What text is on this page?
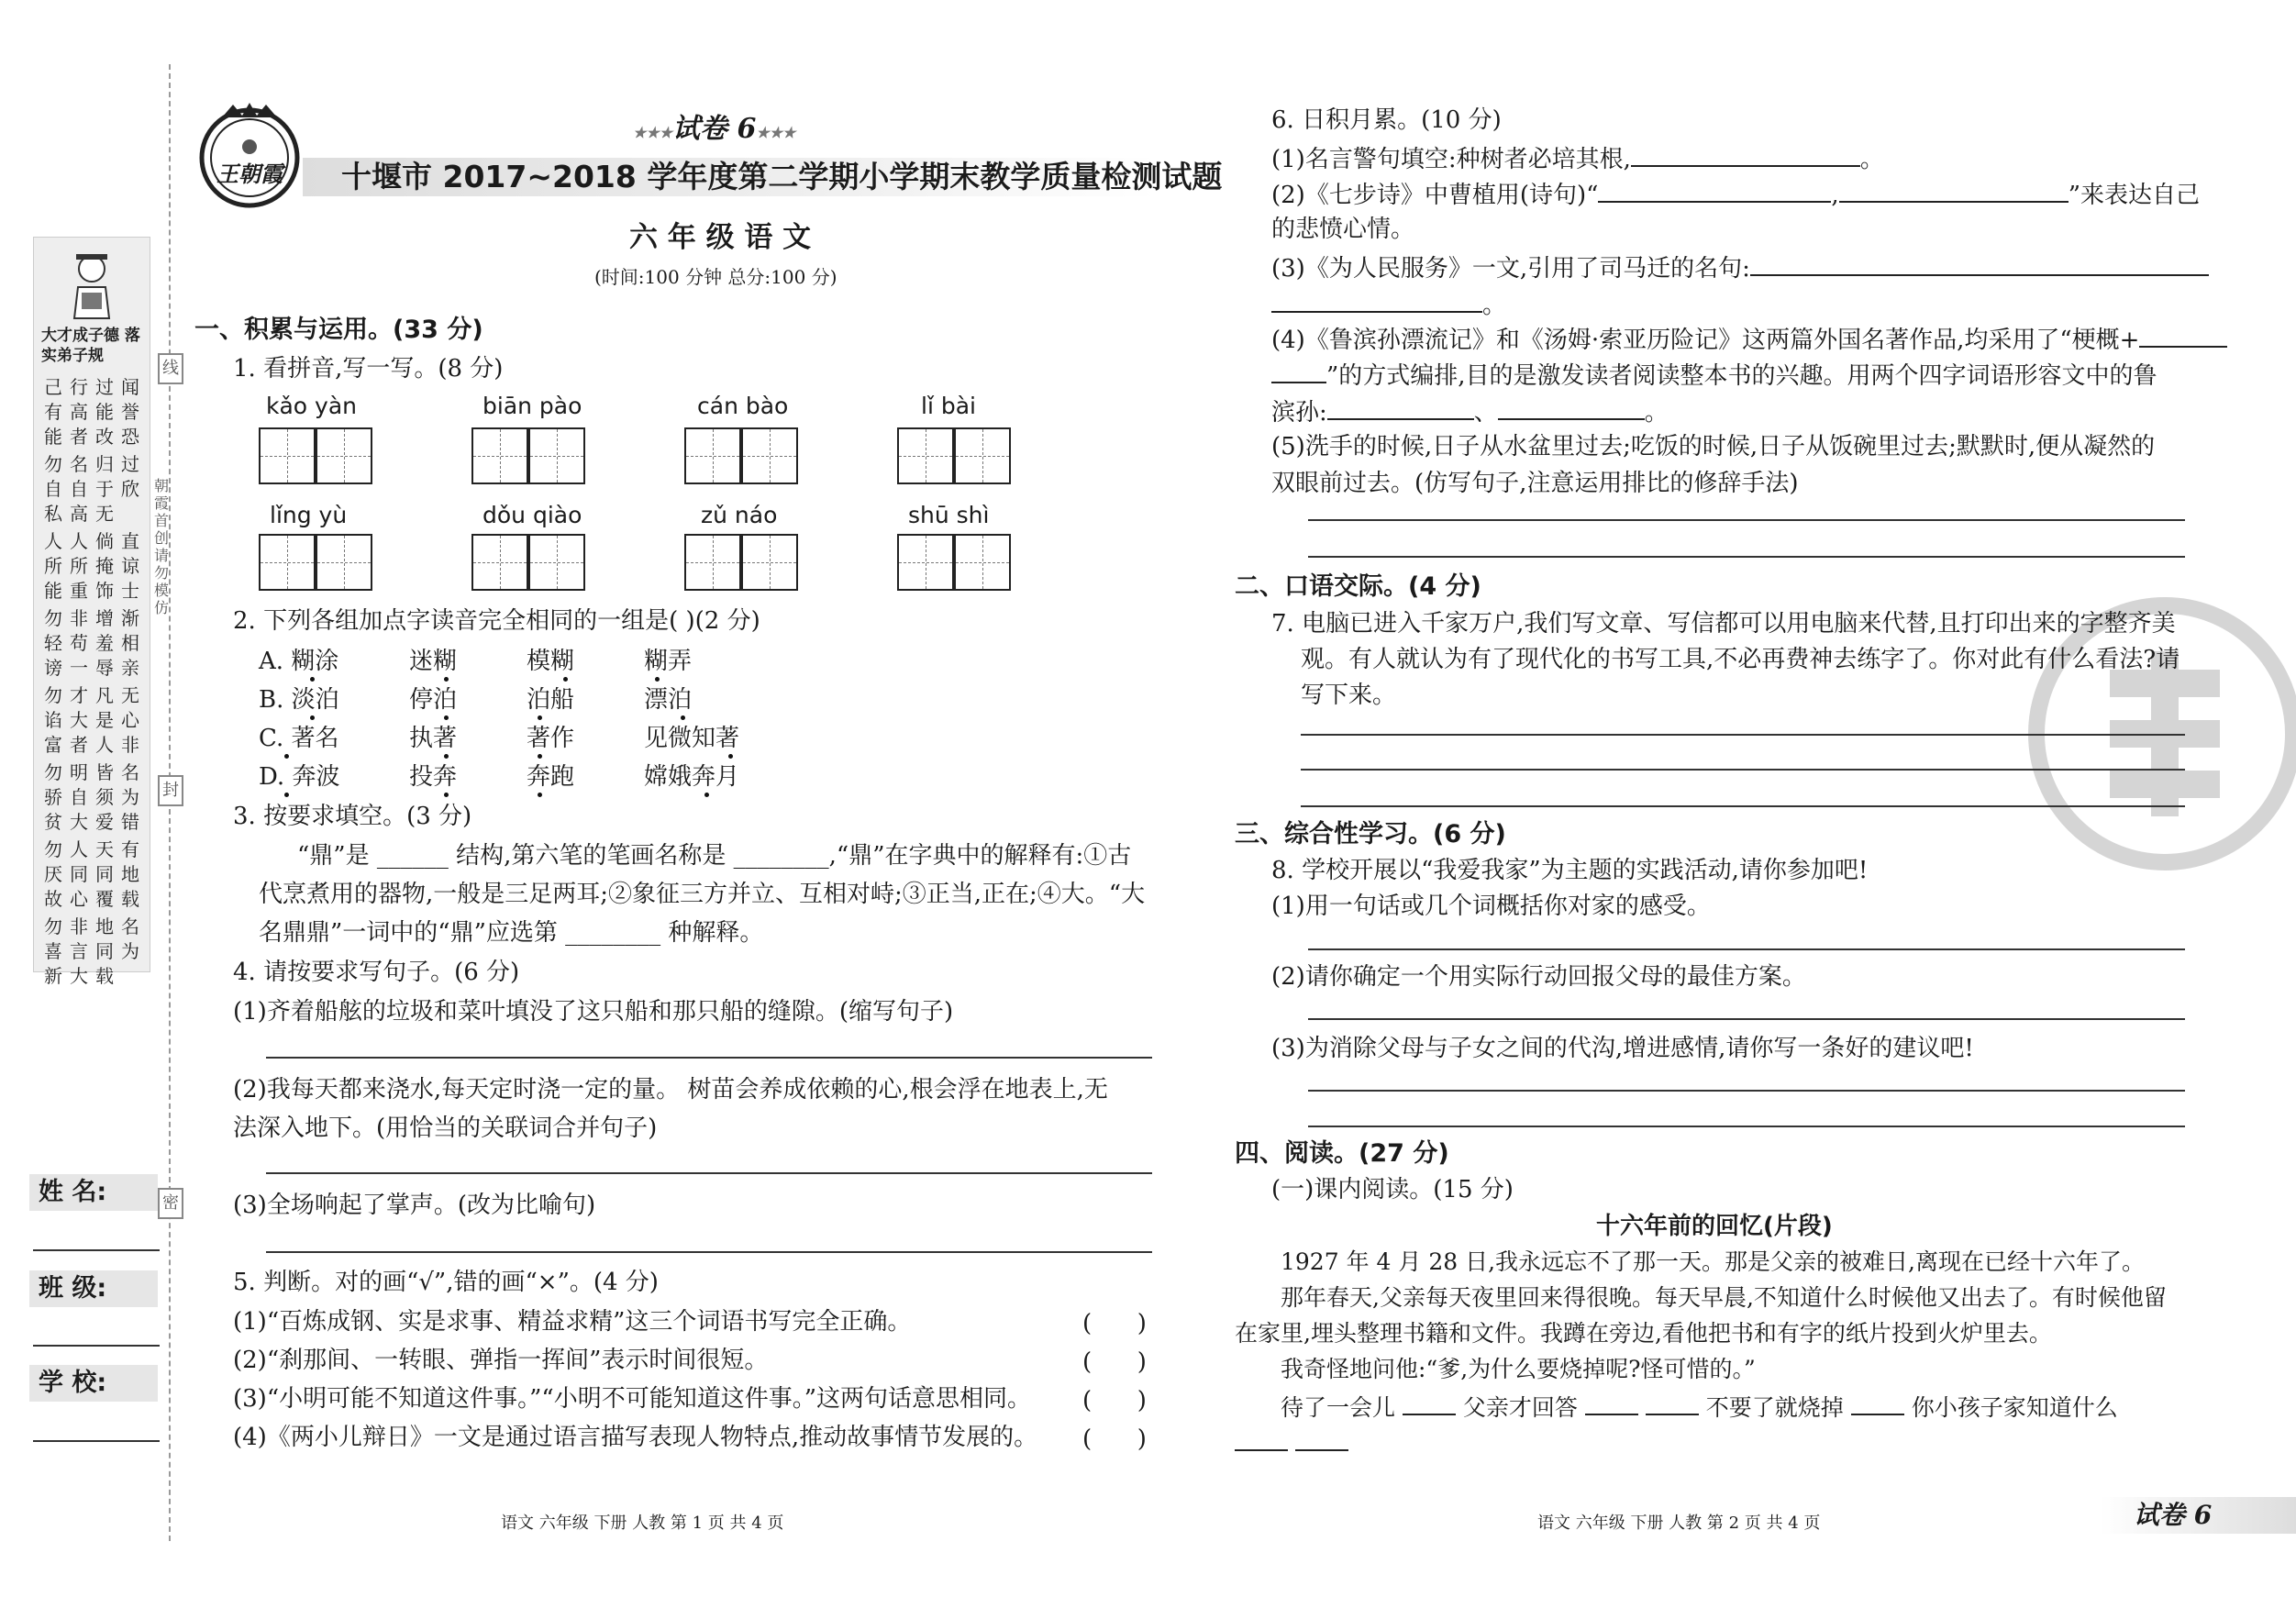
线
封
密
朝霞首创 请勿模仿
大才成子德 落实弟子规
己有能
行高者
过能改
闻誉恐
勿自私
名自高
归于无
过欣
人所能
人所重
倘掩饰
直谅士
勿轻谤
非苟一
增羞辱
渐相亲
勿谄富
才大者
凡是人
无心非
勿骄贫
明自大
皆须爱
名为错
勿厌故
人同心
天同覆
有地载
勿喜新
非言大
地同载
名为
姓 名:
班 级:
学 校:
王朝霞
★★★试卷 6★★★
十堰市 2017~2018 学年度第二学期小学期末教学质量检测试题
六 年 级 语 文
(时间:100 分钟 总分:100 分)
一、积累与运用。(33 分)
1. 看拼音,写一写。(8 分)
kǎo yàn	biān pào	cán bào	lǐ bài
lǐng yù	dǒu qiào	zǔ náo	shū shì
2. 下列各组加点字读音完全相同的一组是( )(2 分)
A. 糊涂	迷糊	模糊	糊弄
B. 淡泊	停泊	泊船	漂泊
C. 著名	执著	著作	见微知著
D. 奔波	投奔	奔跑	嫦娥奔月
3. 按要求填空。(3 分)
“鼎”是 ______ 结构,第六笔的笔画名称是 ________,“鼎”在字典中的解释有:①古
代烹煮用的器物,一般是三足两耳;②象征三方并立、互相对峙;③正当,正在;④大。“大
名鼎鼎”一词中的“鼎”应选第 ________ 种解释。
4. 请按要求写句子。(6 分)
(1)齐着船舷的垃圾和菜叶填没了这只船和那只船的缝隙。(缩写句子)
(2)我每天都来浇水,每天定时浇一定的量。 树苗会养成依赖的心,根会浮在地表上,无
法深入地下。(用恰当的关联词合并句子)
(3)全场响起了掌声。(改为比喻句)
5. 判断。对的画“√”,错的画“×”。(4 分)
(1)“百炼成钢、实是求事、精益求精”这三个词语书写完全正确。	(      )
(2)“刹那间、一转眼、弹指一挥间”表示时间很短。	(      )
(3)“小明可能不知道这件事。”“小明不可能知道这件事。”这两句话意思相同。 (      )
(4)《两小儿辩日》一文是通过语言描写表现人物特点,推动故事情节发展的。 (      )
语文 六年级 下册 人教 第 1 页 共 4 页
6. 日积月累。(10 分)
(1)名言警句填空:种树者必培其根,	。
(2)《七步诗》中曹植用(诗句)“	,	”来表达自己
的悲愤心情。
(3)《为人民服务》一文,引用了司马迁的名句:
。
(4)《鲁滨孙漂流记》和《汤姆·索亚历险记》这两篇外国名著作品,均采用了“梗概+
”的方式编排,目的是激发读者阅读整本书的兴趣。用两个四字词语形容文中的鲁
滨孙:	、	。
(5)洗手的时候,日子从水盆里过去;吃饭的时候,日子从饭碗里过去;默默时,便从凝然的
双眼前过去。(仿写句子,注意运用排比的修辞手法)
二、口语交际。(4 分)
7. 电脑已进入千家万户,我们写文章、写信都可以用电脑来代替,且打印出来的字整齐美
观。有人就认为有了现代化的书写工具,不必再费神去练字了。你对此有什么看法?请
写下来。
三、综合性学习。(6 分)
8. 学校开展以“我爱我家”为主题的实践活动,请你参加吧!
(1)用一句话或几个词概括你对家的感受。
(2)请你确定一个用实际行动回报父母的最佳方案。
(3)为消除父母与子女之间的代沟,增进感情,请你写一条好的建议吧!
四、阅读。(27 分)
(一)课内阅读。(15 分)
十六年前的回忆(片段)
1927 年 4 月 28 日,我永远忘不了那一天。那是父亲的被难日,离现在已经十六年了。
那年春天,父亲每天夜里回来得很晚。每天早晨,不知道什么时候他又出去了。有时候他留
在家里,埋头整理书籍和文件。我蹲在旁边,看他把书和有字的纸片投到火炉里去。
我奇怪地问他:“爹,为什么要烧掉呢?怪可惜的。”
待了一会儿	父亲才回答	不要了就烧掉	你小孩子家知道什么

语文 六年级 下册 人教 第 2 页 共 4 页	试卷 6
